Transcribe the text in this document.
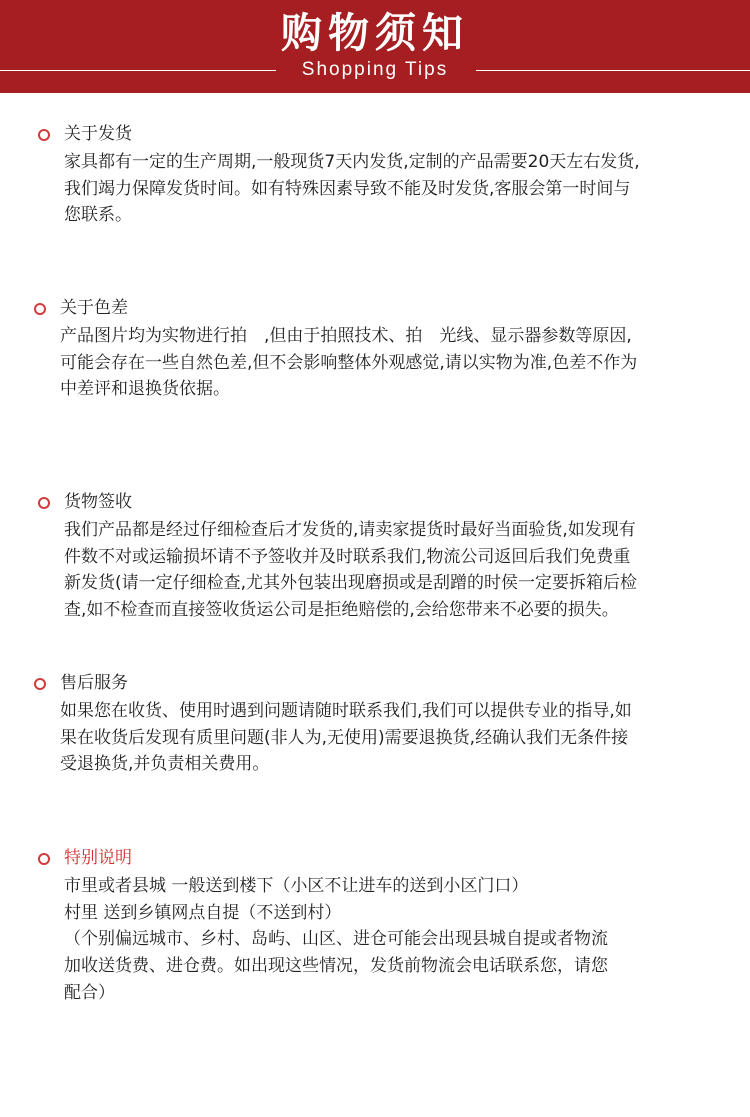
购物须知
Shopping Tips
关于发货
家具都有一定的生产周期,一般现货7天内发货,定制的产品需要20天左右发货,
我们竭力保障发货时间。如有特殊因素导致不能及时发货,客服会第一时间与
您联系。
关于色差
产品图片均为实物进行拍　,但由于拍照技术、拍　光线、显示器参数等原因,
可能会存在一些自然色差,但不会影响整体外观感觉,请以实物为准,色差不作为
中差评和退换货依据。
货物签收
我们产品都是经过仔细检查后才发货的,请卖家提货时最好当面验货,如发现有
件数不对或运输损坏请不予签收并及时联系我们,物流公司返回后我们免费重
新发货(请一定仔细检查,尤其外包装出现磨损或是刮蹭的时侯一定要拆箱后检
查,如不检查而直接签收货运公司是拒绝赔偿的,会给您带来不必要的损失。
售后服务
如果您在收货、使用时遇到问题请随时联系我们,我们可以提供专业的指导,如
果在收货后发现有质里问题(非人为,无使用)需要退换货,经确认我们无条件接
受退换货,并负责相关费用。
特别说明
市里或者县城 一般送到楼下（小区不让进车的送到小区门口）
村里 送到乡镇网点自提（不送到村）
（个别偏远城市、乡村、岛屿、山区、进仓可能会出现县城自提或者物流
加收送货费、进仓费。如出现这些情况，发货前物流会电话联系您，请您
配合）
